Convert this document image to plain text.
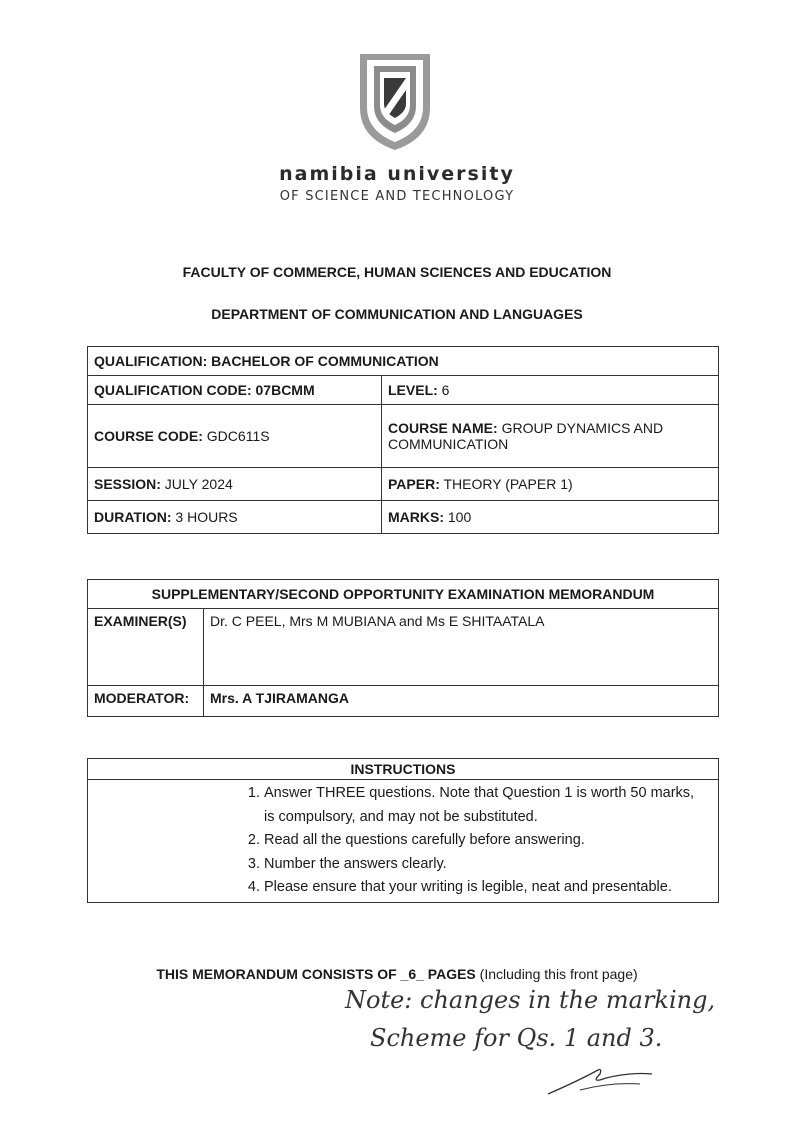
namibia university
OF SCIENCE AND TECHNOLOGY
FACULTY OF COMMERCE, HUMAN SCIENCES AND EDUCATION
DEPARTMENT OF COMMUNICATION AND LANGUAGES
QUALIFICATION: BACHELOR OF COMMUNICATION	
QUALIFICATION CODE: 07BCMM	LEVEL: 6
COURSE CODE: GDC611S	COURSE NAME: GROUP DYNAMICS AND COMMUNICATION
SESSION: JULY 2024	PAPER: THEORY (PAPER 1)
DURATION: 3 HOURS	MARKS: 100
SUPPLEMENTARY/SECOND OPPORTUNITY EXAMINATION MEMORANDUM	
EXAMINER(S)	Dr. C PEEL, Mrs M MUBIANA and Ms E SHITAATALA
MODERATOR:	Mrs. A TJIRAMANGA
INSTRUCTIONS

1. Answer THREE questions. Note that Question 1 is worth 50 marks, is compulsory, and may not be substituted.
2. Read all the questions carefully before answering.
3. Number the answers clearly.
4. Please ensure that your writing is legible, neat and presentable.
THIS MEMORANDUM CONSISTS OF _6_ PAGES (Including this front page)
Note: changes in the marking,
Scheme for Qs. 1 and 3.
